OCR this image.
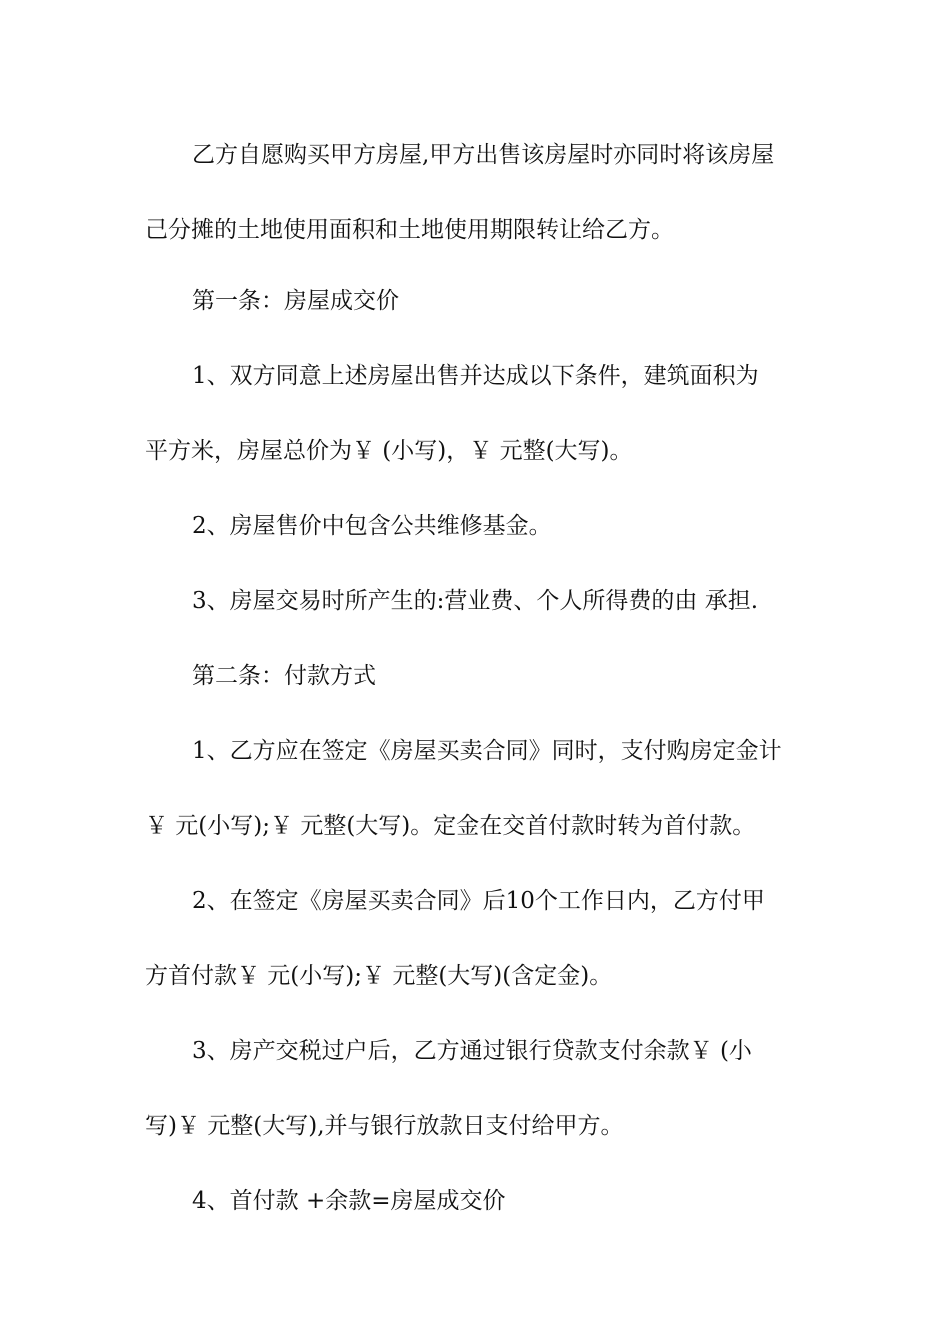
乙方自愿购买甲方房屋,甲方出售该房屋时亦同时将该房屋
己分摊的土地使用面积和土地使用期限转让给乙方。
第一条：房屋成交价
1、双方同意上述房屋出售并达成以下条件，建筑面积为
平方米，房屋总价为￥ (小写)，￥ 元整(大写)。
2、房屋售价中包含公共维修基金。
3、房屋交易时所产生的:营业费、个人所得费的由 承担.
第二条：付款方式
1、乙方应在签定《房屋买卖合同》同时，支付购房定金计
￥ 元(小写);￥ 元整(大写)。定金在交首付款时转为首付款。
2、在签定《房屋买卖合同》后10个工作日内，乙方付甲
方首付款￥ 元(小写);￥ 元整(大写)(含定金)。
3、房产交税过户后，乙方通过银行贷款支付余款￥ (小
写)￥ 元整(大写),并与银行放款日支付给甲方。
4、首付款 +余款=房屋成交价
